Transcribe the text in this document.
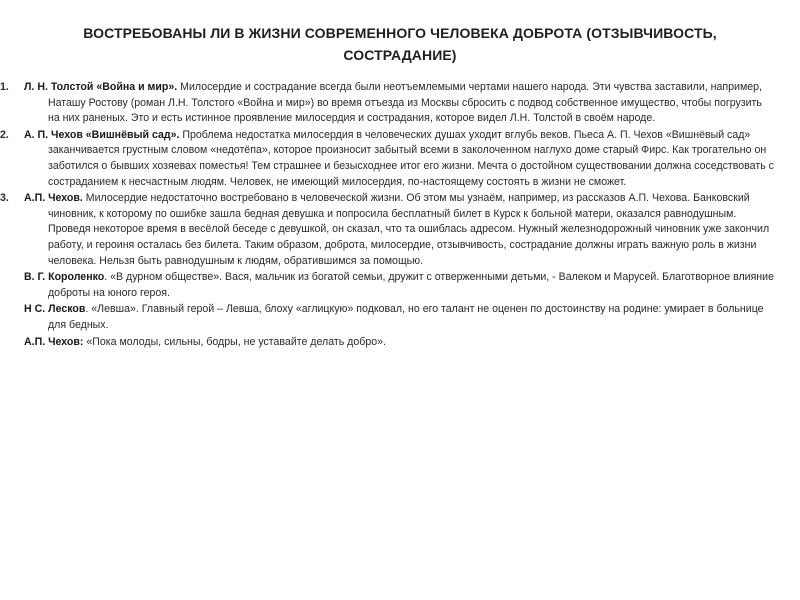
ВОСТРЕБОВАНЫ ЛИ В ЖИЗНИ СОВРЕМЕННОГО ЧЕЛОВЕКА ДОБРОТА (ОТЗЫВЧИВОСТЬ, СОСТРАДАНИЕ)
1.Л. Н. Толстой «Война и мир». Милосердие и сострадание всегда были неотъемлемыми чертами нашего народа. Эти чувства заставили, например, Наташу Ростову (роман Л.Н. Толстого «Война и мир») во время отъезда из Москвы сбросить с подвод собственное имущество, чтобы погрузить на них раненых. Это и есть истинное проявление милосердия и сострадания, которое видел Л.Н. Толстой в своём народе.
2.А. П. Чехов «Вишнёвый сад». Проблема недостатка милосердия в человеческих душах уходит вглубь веков. Пьеса А. П. Чехов «Вишнёвый сад» заканчивается грустным словом «недотёпа», которое произносит забытый всеми в заколоченном наглухо доме старый Фирс. Как трогательно он заботился о бывших хозяевах поместья! Тем страшнее и безысходнее итог его жизни. Мечта о достойном существовании должна соседствовать с состраданием к несчастным людям. Человек, не имеющий милосердия, по-настоящему состоять в жизни не сможет.
3.А.П. Чехов. Милосердие недостаточно востребовано в человеческой жизни. Об этом мы узнаём, например, из рассказов А.П. Чехова. Банковский чиновник, к которому по ошибке зашла бедная девушка и попросила бесплатный билет в Курск к больной матери, оказался равнодушным. Проведя некоторое время в весёлой беседе с девушкой, он сказал, что та ошиблась адресом. Нужный железнодорожный чиновник уже закончил работу, и героиня осталась без билета. Таким образом, доброта, милосердие, отзывчивость, сострадание должны играть важную роль в жизни человека. Нельзя быть равнодушным к людям, обратившимся за помощью.
В. Г. Короленко. «В дурном обществе». Вася, мальчик из богатой семьи, дружит с отверженными детьми, - Валеком и Марусей. Благотворное влияние доброты на юного героя.
Н С. Лесков. «Левша». Главный герой – Левша, блоху «аглицкую» подковал, но его талант не оценен по достоинству на родине: умирает в больнице для бедных.
А.П. Чехов: «Пока молоды, сильны, бодры, не уставайте делать добро».
